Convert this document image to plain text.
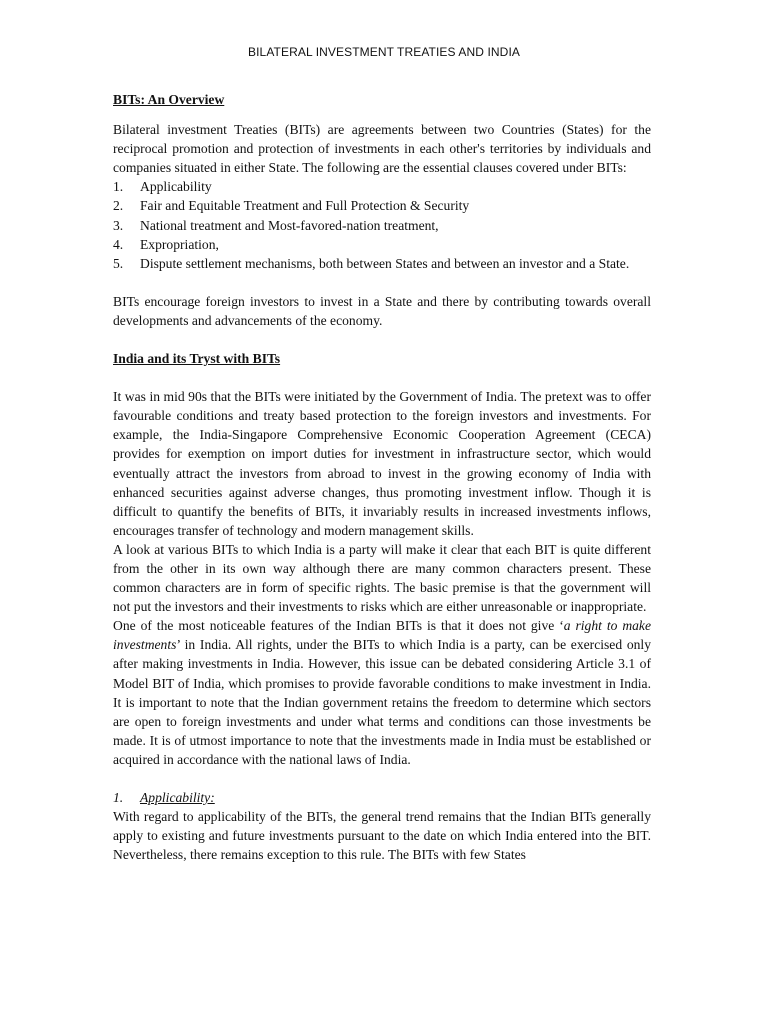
BILATERAL INVESTMENT TREATIES AND INDIA

BITs: An Overview

Bilateral investment Treaties (BITs) are agreements between two Countries (States) for the reciprocal promotion and protection of investments in each other's territories by individuals and companies situated in either State. The following are the essential clauses covered under BITs:

1. Applicability
2. Fair and Equitable Treatment and Full Protection & Security
3. National treatment and Most-favored-nation treatment,
4. Expropriation,
5. Dispute settlement mechanisms, both between States and between an investor and a State.

BITs encourage foreign investors to invest in a State and there by contributing towards overall developments and advancements of the economy.

India and its Tryst with BITs

It was in mid 90s that the BITs were initiated by the Government of India. The pretext was to offer favourable conditions and treaty based protection to the foreign investors and investments. For example, the India-Singapore Comprehensive Economic Cooperation Agreement (CECA) provides for exemption on import duties for investment in infrastructure sector, which would eventually attract the investors from abroad to invest in the growing economy of India with enhanced securities against adverse changes, thus promoting investment inflow. Though it is difficult to quantify the benefits of BITs, it invariably results in increased investments inflows, encourages transfer of technology and modern management skills.

A look at various BITs to which India is a party will make it clear that each BIT is quite different from the other in its own way although there are many common characters present. These common characters are in form of specific rights. The basic premise is that the government will not put the investors and their investments to risks which are either unreasonable or inappropriate.

One of the most noticeable features of the Indian BITs is that it does not give ‘a right to make investments’ in India. All rights, under the BITs to which India is a party, can be exercised only after making investments in India. However, this issue can be debated considering Article 3.1 of Model BIT of India, which promises to provide favorable conditions to make investment in India. It is important to note that the Indian government retains the freedom to determine which sectors are open to foreign investments and under what terms and conditions can those investments be made. It is of utmost importance to note that the investments made in India must be established or acquired in accordance with the national laws of India.

1. Applicability:

With regard to applicability of the BITs, the general trend remains that the Indian BITs generally apply to existing and future investments pursuant to the date on which India entered into the BIT. Nevertheless, there remains exception to this rule. The BITs with few States
